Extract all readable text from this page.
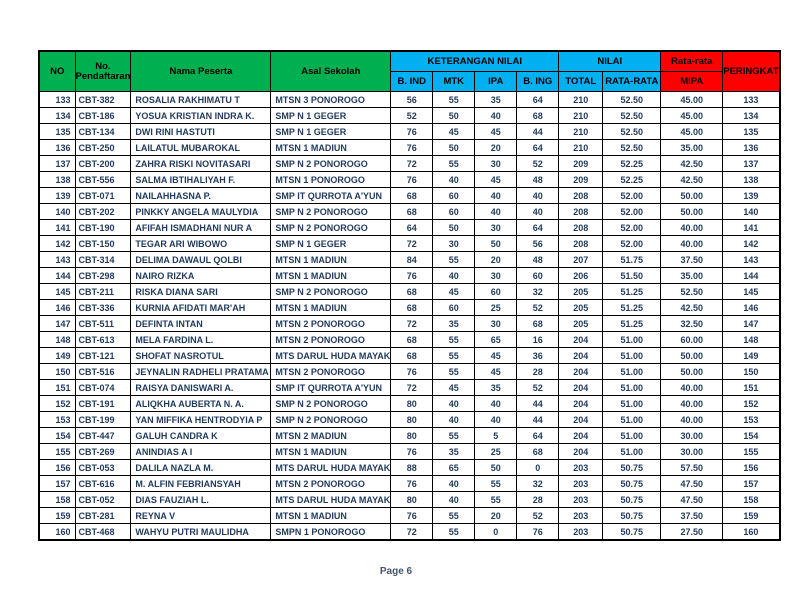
NO	No. Pendaftaran	Nama Peserta	Asal Sekolah	KETERANGAN NILAI				NILAI		Rata-rata	PERINGKAT
				B. IND	MTK	IPA	B. ING	TOTAL	RATA-RATA	MIPA	
133	CBT-382	ROSALIA RAKHIMATU T	MTSN 3 PONOROGO	56	55	35	64	210	52.50	45.00	133
134	CBT-186	YOSUA KRISTIAN INDRA K.	SMP N 1 GEGER	52	50	40	68	210	52.50	45.00	134
135	CBT-134	DWI RINI HASTUTI	SMP N 1 GEGER	76	45	45	44	210	52.50	45.00	135
136	CBT-250	LAILATUL MUBAROKAL	MTSN 1 MADIUN	76	50	20	64	210	52.50	35.00	136
137	CBT-200	ZAHRA RISKI NOVITASARI	SMP N 2 PONOROGO	72	55	30	52	209	52.25	42.50	137
138	CBT-556	SALMA IBTIHALIYAH F.	MTSN 1 PONOROGO	76	40	45	48	209	52.25	42.50	138
139	CBT-071	NAILAHHASNA P.	SMP IT QURROTA A'YUN	68	60	40	40	208	52.00	50.00	139
140	CBT-202	PINKKY ANGELA MAULYDIA	SMP N 2 PONOROGO	68	60	40	40	208	52.00	50.00	140
141	CBT-190	AFIFAH ISMADHANI NUR A	SMP N 2 PONOROGO	64	50	30	64	208	52.00	40.00	141
142	CBT-150	TEGAR ARI WIBOWO	SMP N 1 GEGER	72	30	50	56	208	52.00	40.00	142
143	CBT-314	DELIMA DAWAUL QOLBI	MTSN 1 MADIUN	84	55	20	48	207	51.75	37.50	143
144	CBT-298	NAIRO RIZKA	MTSN 1 MADIUN	76	40	30	60	206	51.50	35.00	144
145	CBT-211	RISKA DIANA SARI	SMP N 2 PONOROGO	68	45	60	32	205	51.25	52.50	145
146	CBT-336	KURNIA AFIDATI MAR'AH	MTSN 1 MADIUN	68	60	25	52	205	51.25	42.50	146
147	CBT-511	DEFINTA INTAN	MTSN 2 PONOROGO	72	35	30	68	205	51.25	32.50	147
148	CBT-613	MELA FARDINA L.	MTSN 2 PONOROGO	68	55	65	16	204	51.00	60.00	148
149	CBT-121	SHOFAT NASROTUL	MTS DARUL HUDA MAYAK	68	55	45	36	204	51.00	50.00	149
150	CBT-516	JEYNALIN RADHELI PRATAMA	MTSN 2 PONOROGO	76	55	45	28	204	51.00	50.00	150
151	CBT-074	RAISYA DANISWARI A.	SMP IT QURROTA A'YUN	72	45	35	52	204	51.00	40.00	151
152	CBT-191	ALIQKHA AUBERTA N. A.	SMP N 2 PONOROGO	80	40	40	44	204	51.00	40.00	152
153	CBT-199	YAN MIFFIKA HENTRODYIA P	SMP N 2 PONOROGO	80	40	40	44	204	51.00	40.00	153
154	CBT-447	GALUH CANDRA K	MTSN 2 MADIUN	80	55	5	64	204	51.00	30.00	154
155	CBT-269	ANINDIAS A I	MTSN 1 MADIUN	76	35	25	68	204	51.00	30.00	155
156	CBT-053	DALILA NAZLA M.	MTS DARUL HUDA MAYAK	88	65	50	0	203	50.75	57.50	156
157	CBT-616	M. ALFIN FEBRIANSYAH	MTSN 2 PONOROGO	76	40	55	32	203	50.75	47.50	157
158	CBT-052	DIAS FAUZIAH L.	MTS DARUL HUDA MAYAK	80	40	55	28	203	50.75	47.50	158
159	CBT-281	REYNA V	MTSN 1 MADIUN	76	55	20	52	203	50.75	37.50	159
160	CBT-468	WAHYU PUTRI MAULIDHA	SMPN 1 PONOROGO	72	55	0	76	203	50.75	27.50	160
Page 6
